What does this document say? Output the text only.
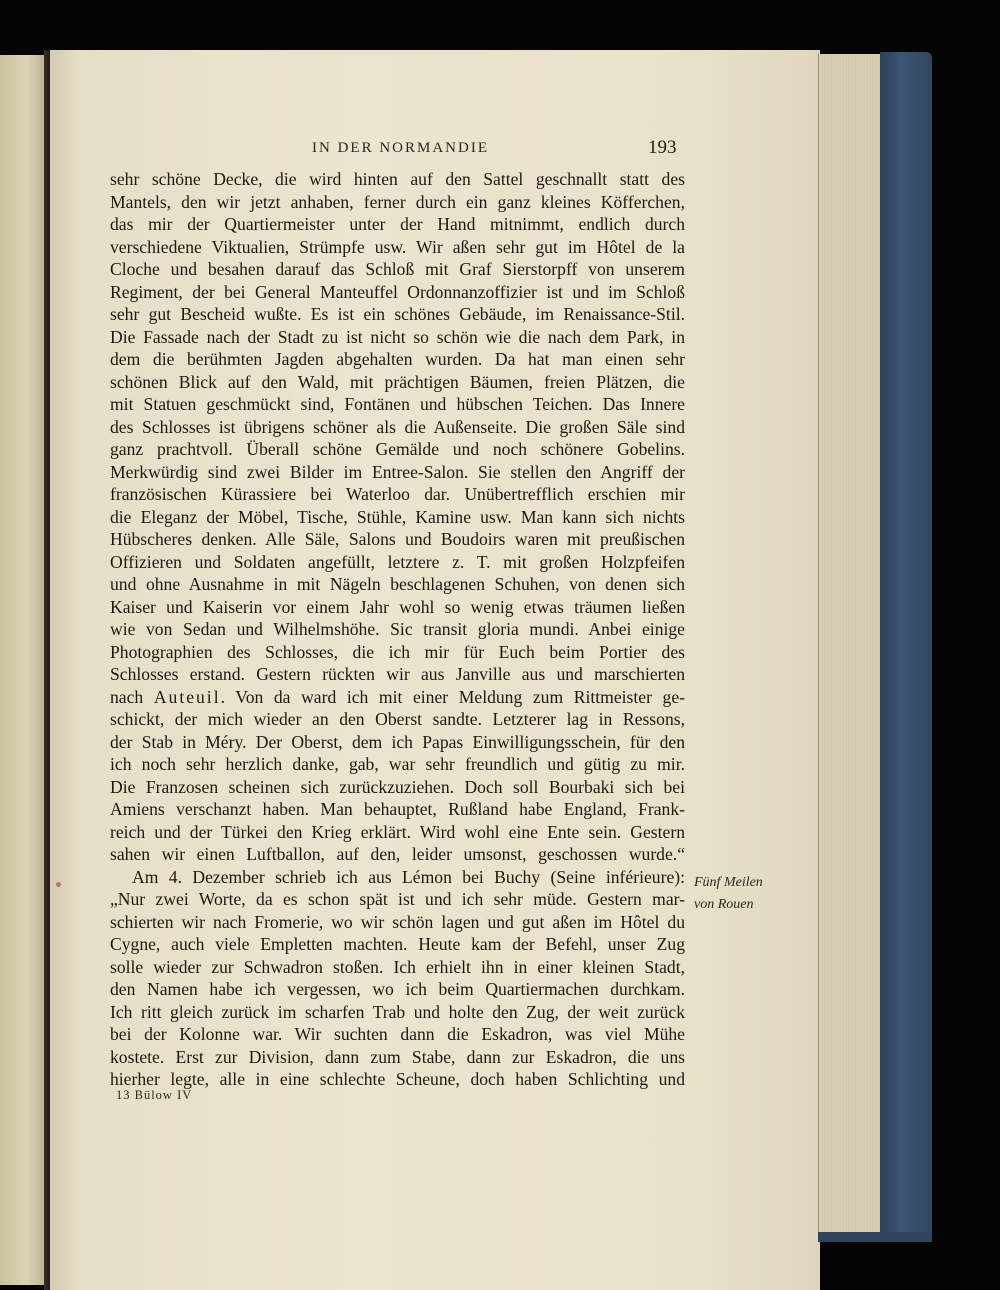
IN DER NORMANDIE	193
sehr schöne Decke, die wird hinten auf den Sattel geschnallt statt des
Mantels, den wir jetzt anhaben, ferner durch ein ganz kleines Köfferchen,
das mir der Quartiermeister unter der Hand mitnimmt, endlich durch
verschiedene Viktualien, Strümpfe usw. Wir aßen sehr gut im Hôtel de la
Cloche und besahen darauf das Schloß mit Graf Sierstorpff von unserem
Regiment, der bei General Manteuffel Ordonnanzoffizier ist und im Schloß
sehr gut Bescheid wußte. Es ist ein schönes Gebäude, im Renaissance-Stil.
Die Fassade nach der Stadt zu ist nicht so schön wie die nach dem Park, in
dem die berühmten Jagden abgehalten wurden. Da hat man einen sehr
schönen Blick auf den Wald, mit prächtigen Bäumen, freien Plätzen, die
mit Statuen geschmückt sind, Fontänen und hübschen Teichen. Das Innere
des Schlosses ist übrigens schöner als die Außenseite. Die großen Säle sind
ganz prachtvoll. Überall schöne Gemälde und noch schönere Gobelins.
Merkwürdig sind zwei Bilder im Entree-Salon. Sie stellen den Angriff der
französischen Kürassiere bei Waterloo dar. Unübertrefflich erschien mir
die Eleganz der Möbel, Tische, Stühle, Kamine usw. Man kann sich nichts
Hübscheres denken. Alle Säle, Salons und Boudoirs waren mit preußischen
Offizieren und Soldaten angefüllt, letztere z. T. mit großen Holzpfeifen
und ohne Ausnahme in mit Nägeln beschlagenen Schuhen, von denen sich
Kaiser und Kaiserin vor einem Jahr wohl so wenig etwas träumen ließen
wie von Sedan und Wilhelmshöhe. Sic transit gloria mundi. Anbei einige
Photographien des Schlosses, die ich mir für Euch beim Portier des
Schlosses erstand. Gestern rückten wir aus Janville aus und marschierten
nach Auteuil. Von da ward ich mit einer Meldung zum Rittmeister ge-
schickt, der mich wieder an den Oberst sandte. Letzterer lag in Ressons,
der Stab in Méry. Der Oberst, dem ich Papas Einwilligungsschein, für den
ich noch sehr herzlich danke, gab, war sehr freundlich und gütig zu mir.
Die Franzosen scheinen sich zurückzuziehen. Doch soll Bourbaki sich bei
Amiens verschanzt haben. Man behauptet, Rußland habe England, Frank-
reich und der Türkei den Krieg erklärt. Wird wohl eine Ente sein. Gestern
sahen wir einen Luftballon, auf den, leider umsonst, geschossen wurde.“
Am 4. Dezember schrieb ich aus Lémon bei Buchy (Seine inférieure):
„Nur zwei Worte, da es schon spät ist und ich sehr müde. Gestern mar-
schierten wir nach Fromerie, wo wir schön lagen und gut aßen im Hôtel du
Cygne, auch viele Empletten machten. Heute kam der Befehl, unser Zug
solle wieder zur Schwadron stoßen. Ich erhielt ihn in einer kleinen Stadt,
den Namen habe ich vergessen, wo ich beim Quartiermachen durchkam.
Ich ritt gleich zurück im scharfen Trab und holte den Zug, der weit zurück
bei der Kolonne war. Wir suchten dann die Eskadron, was viel Mühe
kostete. Erst zur Division, dann zum Stabe, dann zur Eskadron, die uns
hierher legte, alle in eine schlechte Scheune, doch haben Schlichting und
Fünf Meilen
von Rouen
13 Bülow IV
